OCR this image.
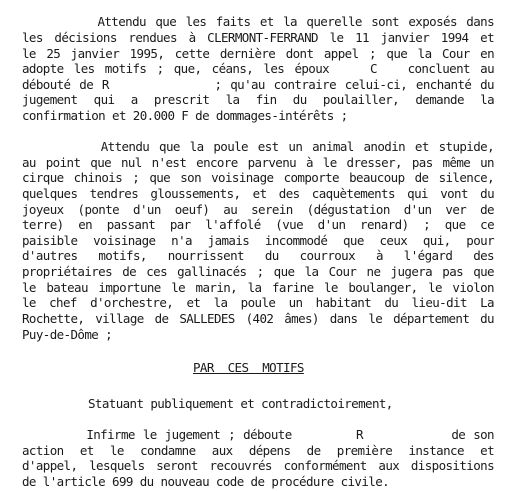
Attendu que les faits et la querelle sont exposés dans
les décisions rendues à CLERMONT-FERRAND le 11 janvier 1994 et
le 25 janvier 1995, cette dernière dont appel ; que la Cour en
adopte les motifs ; que, céans, les époux    C   concluent au
débouté de R            ; qu'au contraire celui-ci, enchanté du
jugement qui a prescrit la fin du poulailler, demande la
confirmation et 20.000 F de dommages-intérêts ;
Attendu que la poule est un animal anodin et stupide,
au point que nul n'est encore parvenu à le dresser, pas même un
cirque chinois ; que son voisinage comporte beaucoup de silence,
quelques tendres gloussements, et des caquètements qui vont du
joyeux (ponte d'un oeuf) au serein (dégustation d'un ver de
terre) en passant par l'affolé (vue d'un renard) ; que ce
paisible voisinage n'a jamais incommodé que ceux qui, pour
d'autres motifs, nourrissent du courroux à l'égard des
propriétaires de ces gallinacés ; que la Cour ne jugera pas que
le bateau importune le marin, la farine le boulanger, le violon
le chef d'orchestre, et la poule un habitant du lieu-dit La
Rochette, village de SALLEDES (402 âmes) dans le département du
Puy-de-Dôme ;
PAR  CES  MOTIFS
Statuant publiquement et contradictoirement,
Infirme le jugement ; déboute        R           de son
action et le condamne aux dépens de première instance et
d'appel, lesquels seront recouvrés conformément aux dispositions
de l'article 699 du nouveau code de procédure civile.
